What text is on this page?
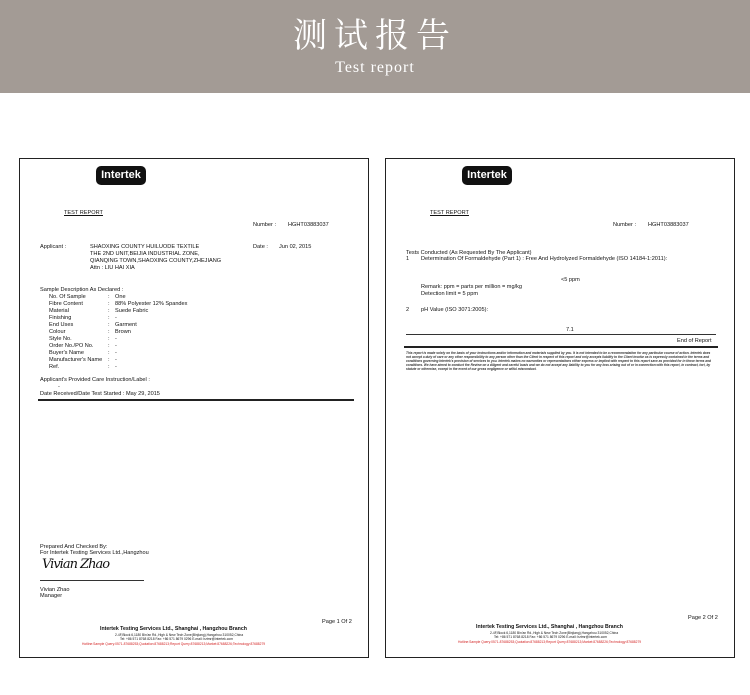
测试报告
Test report
Intertek
TEST REPORT
Number : HGHT03883037
Applicant :	SHAOXING COUNTY HUILUODE TEXTILE
THE 2ND UNIT,BEIJIA INDUSTRIAL ZONE,
QIANQING TOWN,SHAOXING COUNTY,ZHEJIANG
Attn : LIU HAI XIA
Date : Jun 02, 2015
Sample Description As Declared :
No. Of Sample	: One
Fibre Content	: 88% Polyester 12% Spandex
Material	: Suede Fabric
Finishing	: -
End Uses	: Garment
Colour	: Brown
Style No.	: -
Order No./PO No.	: -
Buyer's Name	: -
Manufacturer's Name : -
Ref.	: -
Applicant's Provided Care Instruction/Label :
-
Date Received/Date Test Started : May 29, 2015
Prepared And Checked By:
For Intertek Testing Services Ltd.,Hangzhou
Vivian Zhao
Vivian Zhao
Manager
Page 1 Of 2
Intertek Testing Services Ltd., Shanghai , Hangzhou Branch
2-4F,Block 6,1180 Bin'an Rd.,High & New Tech Zone(Binjiang),Hangzhou 310052,China
Tel: +86 571 8768 8218 Fax: +86 571 8679 0296 E-mail: hztmr@intertek.com
Hotline:Sample Query:0571-87688253;Quotation:87688213;Report Query:87688213;Market:87688226;Technology:87688279
Intertek
TEST REPORT
Number : HGHT03883037
Tests Conducted (As Requested By The Applicant)
1 Determination Of Formaldehyde (Part 1) : Free And Hydrolyzed Formaldehyde (ISO 14184-1:2011):
<5 ppm
Remark: ppm = parts per million = mg/kg
Detection limit = 5 ppm
2 pH Value (ISO 3071:2005):
7.1
End of Report
This report is made solely on the basis of your instructions and/or information and materials supplied by you. It is not intended to be a recommendation for any particular course of action. Intertek does not accept a duty of care or any other responsibility to any person other than the Client in respect of this report and only accepts liability to the Client insofar as is expressly contained in the terms and conditions governing Intertek's provision of services to you. Intertek makes no warranties or representations either express or implied with respect to this report save as provided for in those terms and conditions. We have aimed to conduct the Review on a diligent and careful basis and we do not accept any liability to you for any loss arising out of or in connection with this report, in contract, tort, by statute or otherwise, except in the event of our gross negligence or wilful misconduct.
Page 2 Of 2
Intertek Testing Services Ltd., Shanghai , Hangzhou Branch
2-4F,Block 6,1180 Bin'an Rd.,High & New Tech Zone(Binjiang),Hangzhou 310052,China
Tel: +86 571 8768 8218 Fax: +86 571 8679 0296 E-mail: hztmr@intertek.com
Hotline:Sample Query:0571-87688253;Quotation:87688213;Report Query:87688213;Market:87688226;Technology:87688279
